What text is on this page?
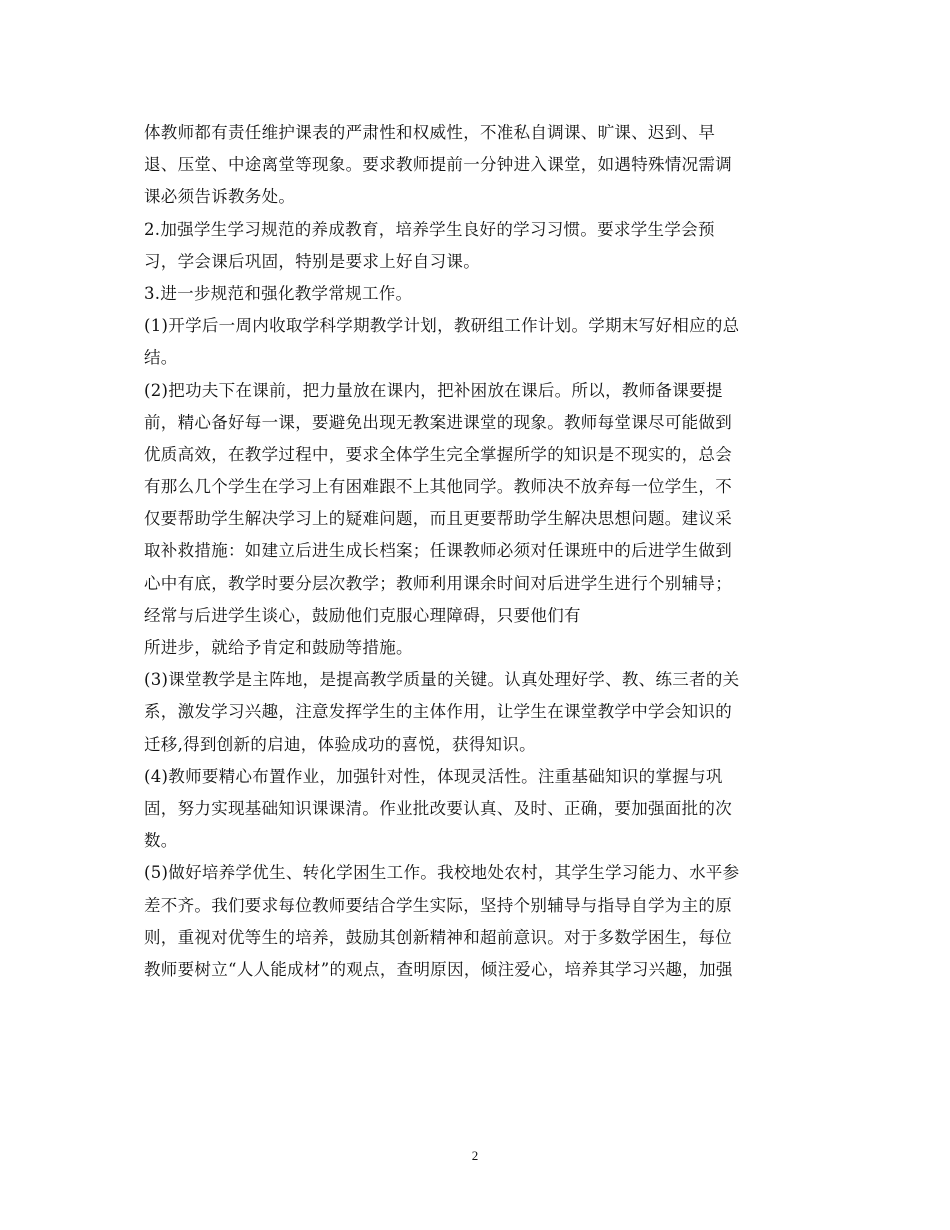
体教师都有责任维护课表的严肃性和权威性，不准私自调课、旷课、迟到、早
退、压堂、中途离堂等现象。要求教师提前一分钟进入课堂，如遇特殊情况需调
课必须告诉教务处。
2.加强学生学习规范的养成教育，培养学生良好的学习习惯。要求学生学会预
习，学会课后巩固，特别是要求上好自习课。
3.进一步规范和强化教学常规工作。
(1)开学后一周内收取学科学期教学计划，教研组工作计划。学期末写好相应的总
结。
(2)把功夫下在课前，把力量放在课内，把补困放在课后。所以，教师备课要提
前，精心备好每一课，要避免出现无教案进课堂的现象。教师每堂课尽可能做到
优质高效，在教学过程中，要求全体学生完全掌握所学的知识是不现实的，总会
有那么几个学生在学习上有困难跟不上其他同学。教师决不放弃每一位学生，不
仅要帮助学生解决学习上的疑难问题，而且更要帮助学生解决思想问题。建议采
取补救措施：如建立后进生成长档案；任课教师必须对任课班中的后进学生做到
心中有底，教学时要分层次教学；教师利用课余时间对后进学生进行个别辅导；
经常与后进学生谈心，鼓励他们克服心理障碍，只要他们有
所进步，就给予肯定和鼓励等措施。
(3)课堂教学是主阵地，是提高教学质量的关键。认真处理好学、教、练三者的关
系，激发学习兴趣，注意发挥学生的主体作用，让学生在课堂教学中学会知识的
迁移,得到创新的启迪，体验成功的喜悦，获得知识。
(4)教师要精心布置作业，加强针对性，体现灵活性。注重基础知识的掌握与巩
固，努力实现基础知识课课清。作业批改要认真、及时、正确，要加强面批的次
数。
(5)做好培养学优生、转化学困生工作。我校地处农村，其学生学习能力、水平参
差不齐。我们要求每位教师要结合学生实际，坚持个别辅导与指导自学为主的原
则，重视对优等生的培养，鼓励其创新精神和超前意识。对于多数学困生，每位
教师要树立“人人能成材”的观点，查明原因，倾注爱心，培养其学习兴趣，加强
2
